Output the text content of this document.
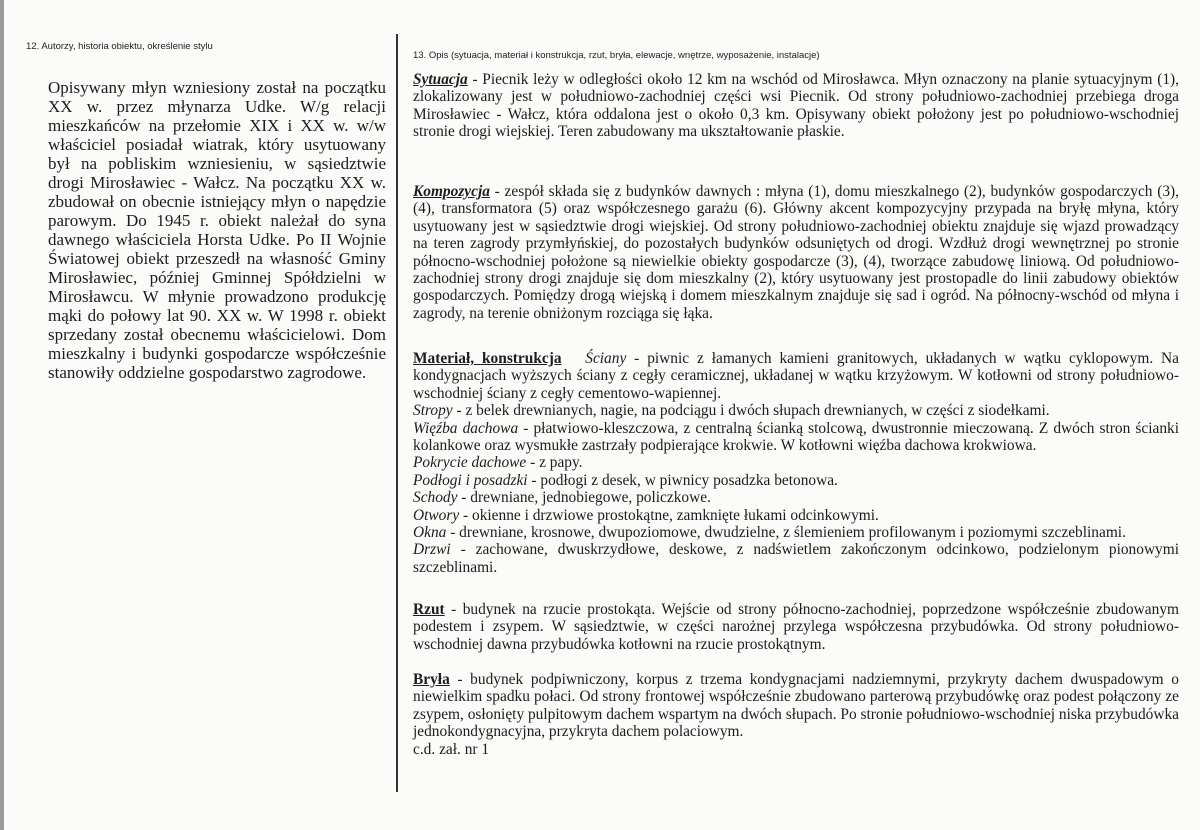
12. Autorzy, historia obiektu, określenie stylu
Opisywany młyn wzniesiony został na początku XX w. przez młynarza Udke. W/g relacji mieszkańców na przełomie XIX i XX w. w/w właściciel posiadał wiatrak, który usytuowany był na pobliskim wzniesieniu, w sąsiedztwie drogi Mirosławiec - Wałcz. Na początku XX w. zbudował on obecnie istniejący młyn o napędzie parowym. Do 1945 r. obiekt należał do syna dawnego właściciela Horsta Udke. Po II Wojnie Światowej obiekt przeszedł na własność Gminy Mirosławiec, później Gminnej Spółdzielni w Mirosławcu. W młynie prowadzono produkcję mąki do połowy lat 90. XX w. W 1998 r. obiekt sprzedany został obecnemu właścicielowi. Dom mieszkalny i budynki gospodarcze współcześnie stanowiły oddzielne gospodarstwo zagrodowe.
13. Opis (sytuacja, materiał i konstrukcja, rzut, bryła, elewacje, wnętrze, wyposażenie, instalacje)

Sytuacja - Piecnik leży w odległości około 12 km na wschód od Mirosławca. Młyn oznaczony na planie sytuacyjnym (1), zlokalizowany jest w południowo-zachodniej części wsi Piecnik. Od strony południowo-zachodniej przebiega droga Mirosławiec - Wałcz, która oddalona jest o około 0,3 km. Opisywany obiekt położony jest po południowo-wschodniej stronie drogi wiejskiej. Teren zabudowany ma ukształtowanie płaskie.

Kompozycja - zespół składa się z budynków dawnych : młyna (1), domu mieszkalnego (2), budynków gospodarczych (3), (4), transformatora (5) oraz współczesnego garażu (6). Główny akcent kompozycyjny przypada na bryłę młyna, który usytuowany jest w sąsiedztwie drogi wiejskiej. Od strony południowo-zachodniej obiektu znajduje się wjazd prowadzący na teren zagrody przymłyńskiej, do pozostałych budynków odsuniętych od drogi. Wzdłuż drogi wewnętrznej po stronie północno-wschodniej położone są niewielkie obiekty gospodarcze (3), (4), tworzące zabudowę liniową. Od południowo-zachodniej strony drogi znajduje się dom mieszkalny (2), który usytuowany jest prostopadle do linii zabudowy obiektów gospodarczych. Pomiędzy drogą wiejską i domem mieszkalnym znajduje się sad i ogród. Na północny-wschód od młyna i zagrody, na terenie obniżonym rozciąga się łąka.

Materiał, konstrukcja Ściany - piwnic z łamanych kamieni granitowych, układanych w wątku cyklopowym. Na kondygnacjach wyższych ściany z cegły ceramicznej, układanej w wątku krzyżowym. W kotłowni od strony południowo-wschodniej ściany z cegły cementowo-wapiennej.

Stropy - z belek drewnianych, nagie, na podciągu i dwóch słupach drewnianych, w części z siodełkami.

Więźba dachowa - płatwiowo-kleszczowa, z centralną ścianką stolcową, dwustronnie mieczowaną. Z dwóch stron ścianki kolankowe oraz wysmukłe zastrzały podpierające krokwie. W kotłowni więźba dachowa krokwiowa.

Pokrycie dachowe - z papy.

Podłogi i posadzki - podłogi z desek, w piwnicy posadzka betonowa.

Schody - drewniane, jednobiegowe, policzkowe.

Otwory - okienne i drzwiowe prostokątne, zamknięte łukami odcinkowymi.

Okna - drewniane, krosnowe, dwupoziomowe, dwudzielne, z ślemieniem profilowanym i poziomymi szczeblinami.

Drzwi - zachowane, dwuskrzydłowe, deskowe, z nadświetlem zakończonym odcinkowo, podzielonym pionowymi szczeblinami.

Rzut - budynek na rzucie prostokąta. Wejście od strony północno-zachodniej, poprzedzone współcześnie zbudowanym podestem i zsypem. W sąsiedztwie, w części narożnej przylega współczesna przybudówka. Od strony południowo-wschodniej dawna przybudówka kotłowni na rzucie prostokątnym.

Bryła - budynek podpiwniczony, korpus z trzema kondygnacjami nadziemnymi, przykryty dachem dwuspadowym o niewielkim spadku połaci. Od strony frontowej współcześnie zbudowano parterową przybudówkę oraz podest połączony ze zsypem, osłonięty pulpitowym dachem wspartym na dwóch słupach. Po stronie południowo-wschodniej niska przybudówka jednokondygnacyjna, przykryta dachem polaciowym.

c.d. zał. nr 1
